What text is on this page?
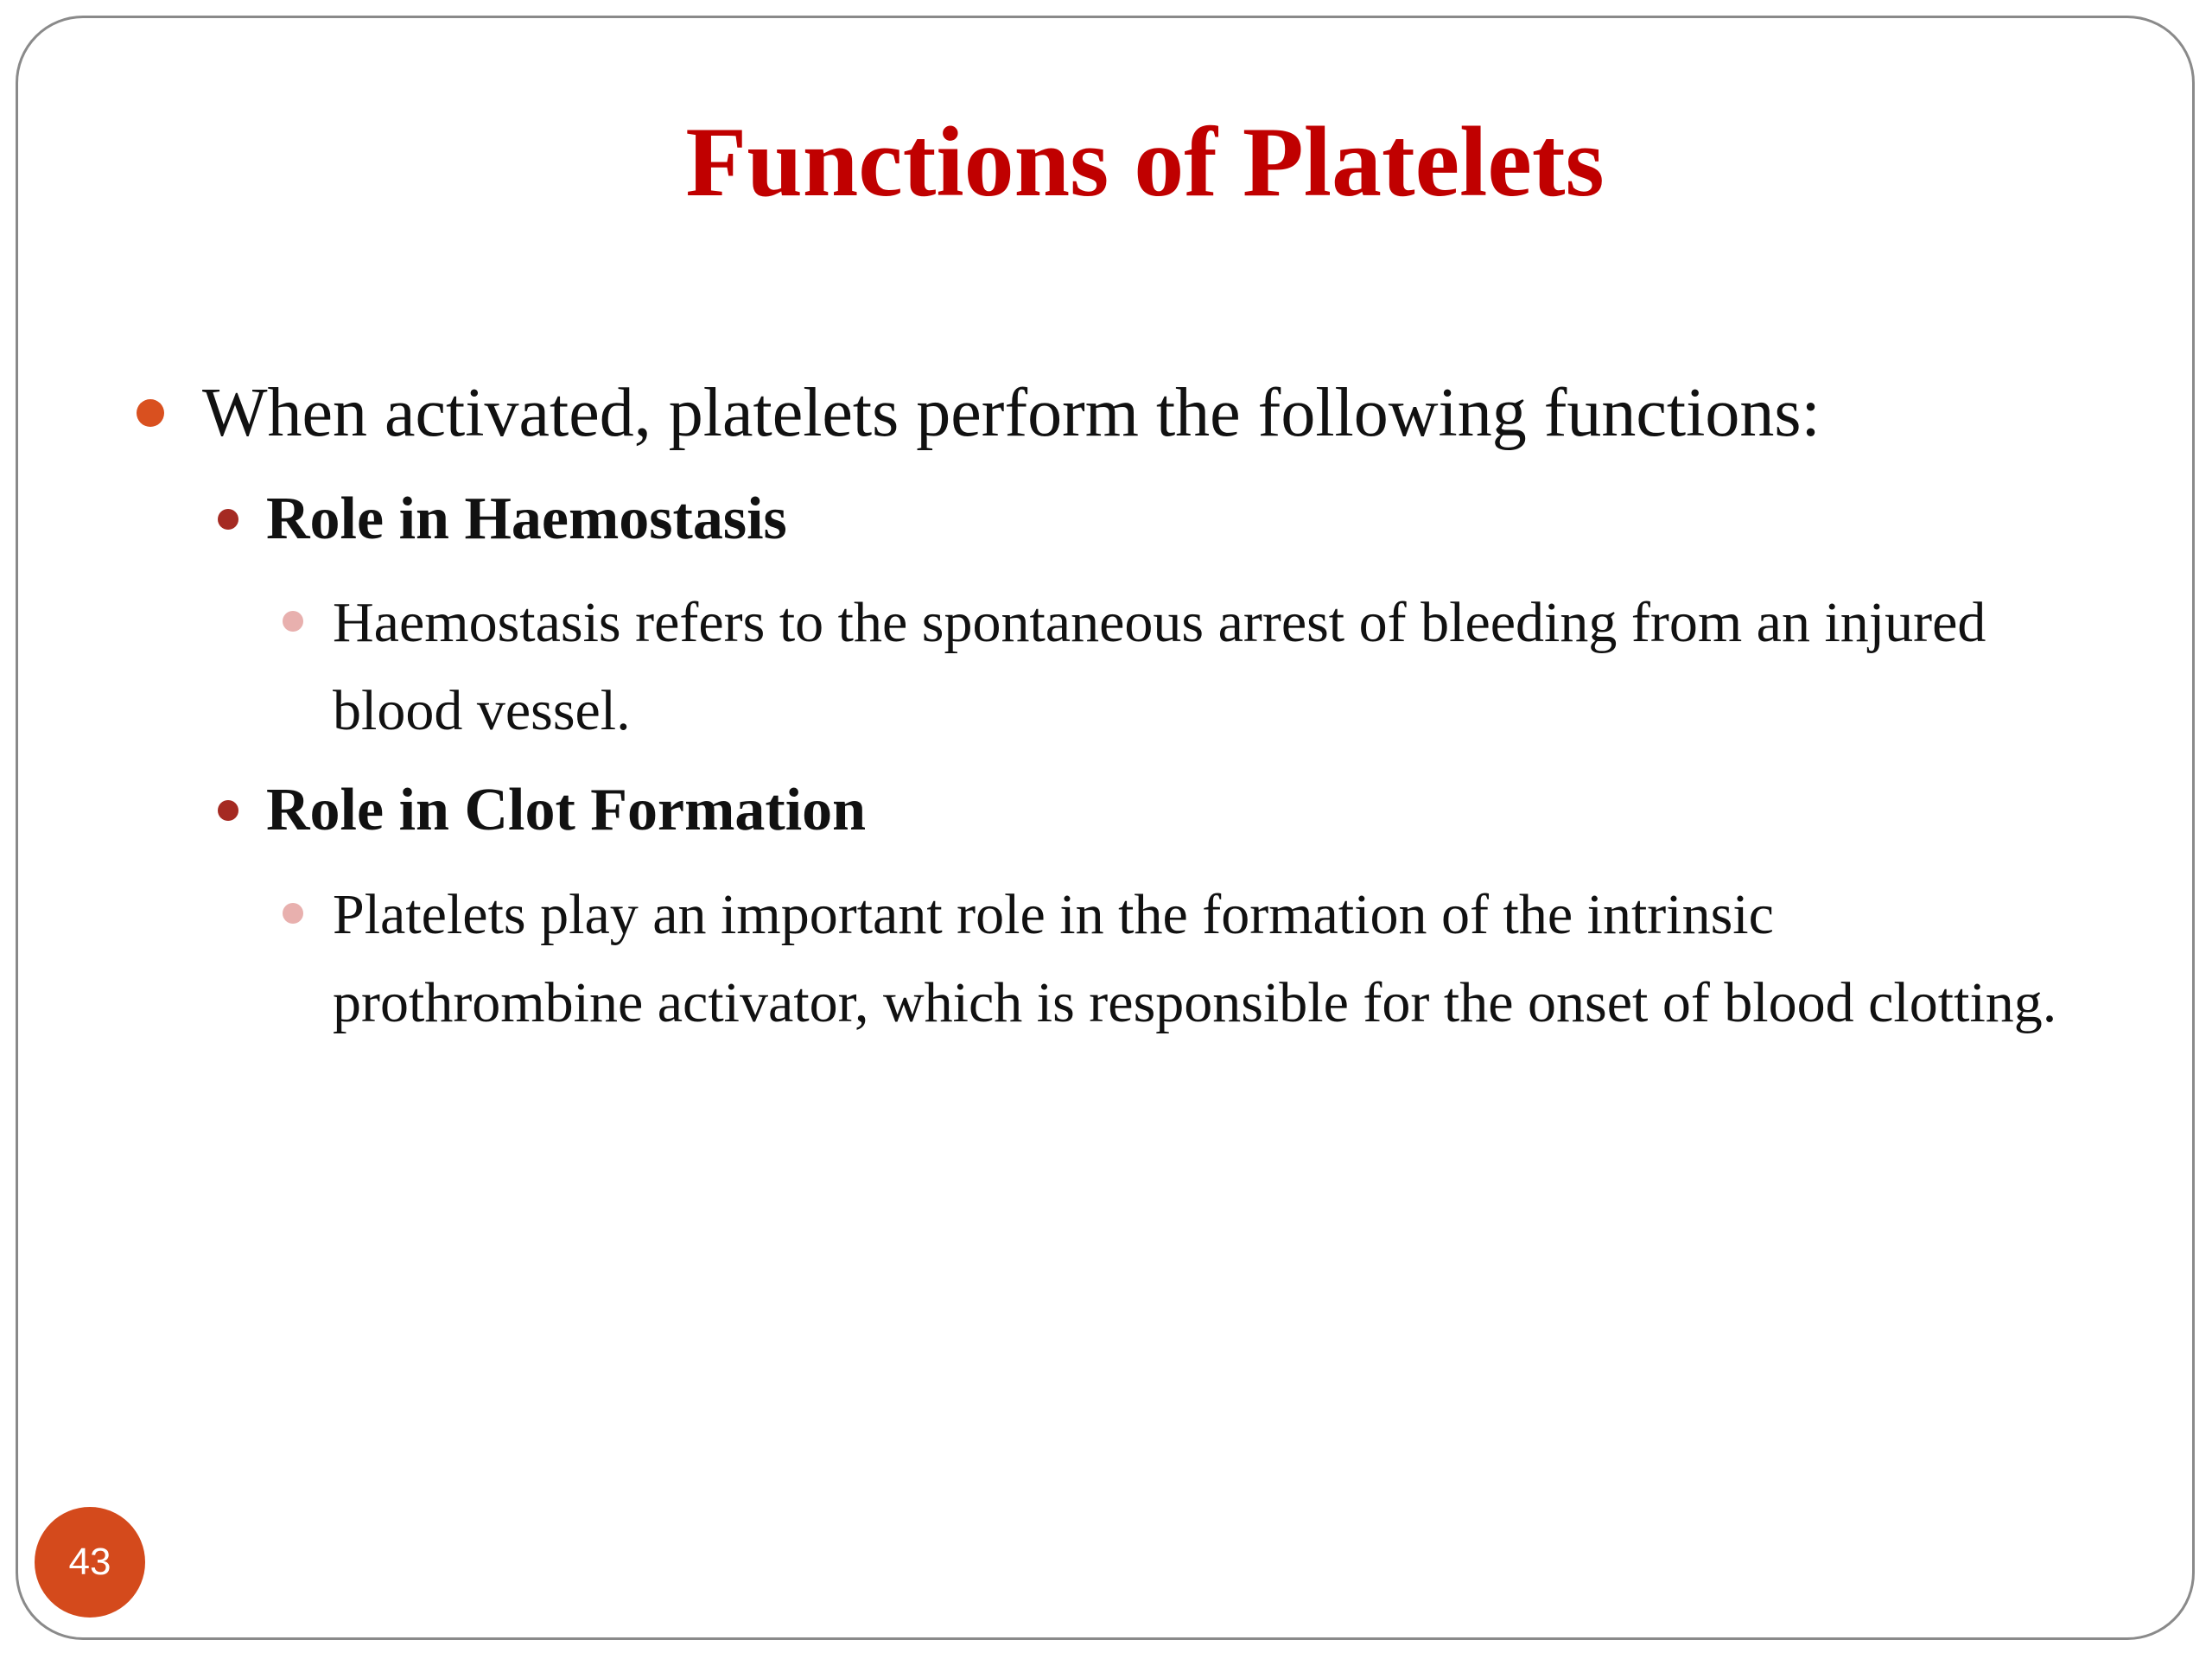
Functions of Platelets
When activated, platelets perform the following functions:
Role in Haemostasis
Haemostasis refers to the spontaneous arrest of bleeding from an injured blood vessel.
Role in Clot Formation
Platelets play an important role in the formation of the intrinsic prothrombine activator, which is responsible for the onset of blood clotting.
43
